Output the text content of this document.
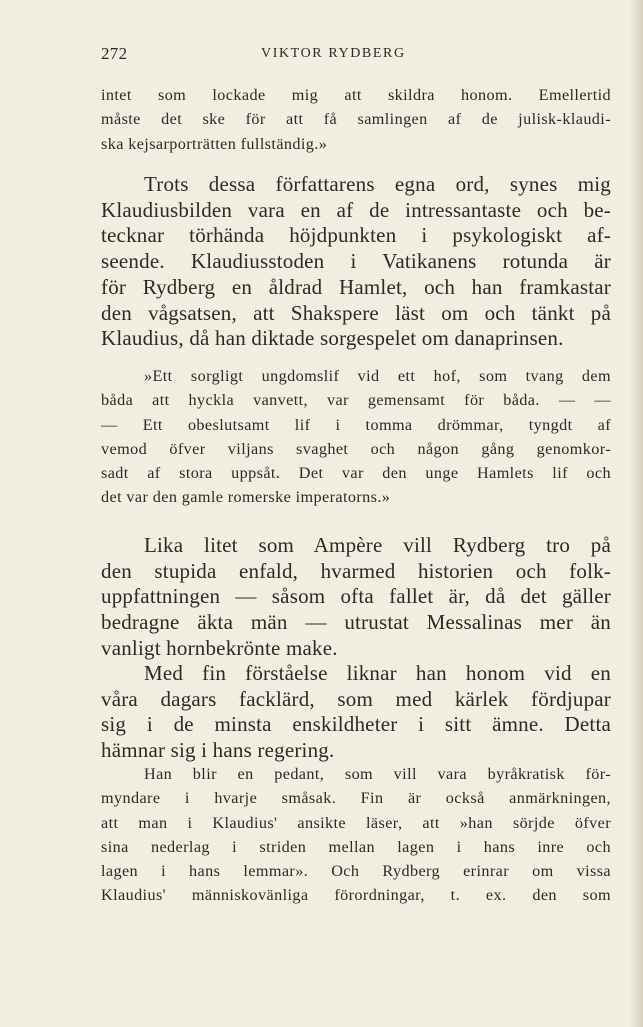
272	VIKTOR RYDBERG

intet som lockade mig att skildra honom. Emellertid
måste det ske för att få samlingen af de julisk-klaudi-
ska kejsarporträtten fullständig.»

Trots dessa författarens egna ord, synes mig
Klaudiusbilden vara en af de intressantaste och be-
tecknar törhända höjdpunkten i psykologiskt af-
seende. Klaudiusstoden i Vatikanens rotunda är
för Rydberg en åldrad Hamlet, och han framkastar
den vågsatsen, att Shakspere läst om och tänkt på
Klaudius, då han diktade sorgespelet om danaprinsen.

»Ett sorgligt ungdomslif vid ett hof, som tvang dem
båda att hyckla vanvett, var gemensamt för båda. — —
— Ett obeslutsamt lif i tomma drömmar, tyngdt af
vemod öfver viljans svaghet och någon gång genomkor-
sadt af stora uppsåt. Det var den unge Hamlets lif och
det var den gamle romerske imperatorns.»

Lika litet som Ampère vill Rydberg tro på
den stupida enfald, hvarmed historien och folk-
uppfattningen — såsom ofta fallet är, då det gäller
bedragne äkta män — utrustat Messalinas mer än
vanligt hornbekrönte make.

Med fin förståelse liknar han honom vid en
våra dagars facklärd, som med kärlek fördjupar
sig i de minsta enskildheter i sitt ämne. Detta
hämnar sig i hans regering.

Han blir en pedant, som vill vara byråkratisk för-
myndare i hvarje småsak. Fin är också anmärkningen,
att man i Klaudius' ansikte läser, att »han sörjde öfver
sina nederlag i striden mellan lagen i hans inre och
lagen i hans lemmar». Och Rydberg erinrar om vissa
Klaudius' människovänliga förordningar, t. ex. den som
